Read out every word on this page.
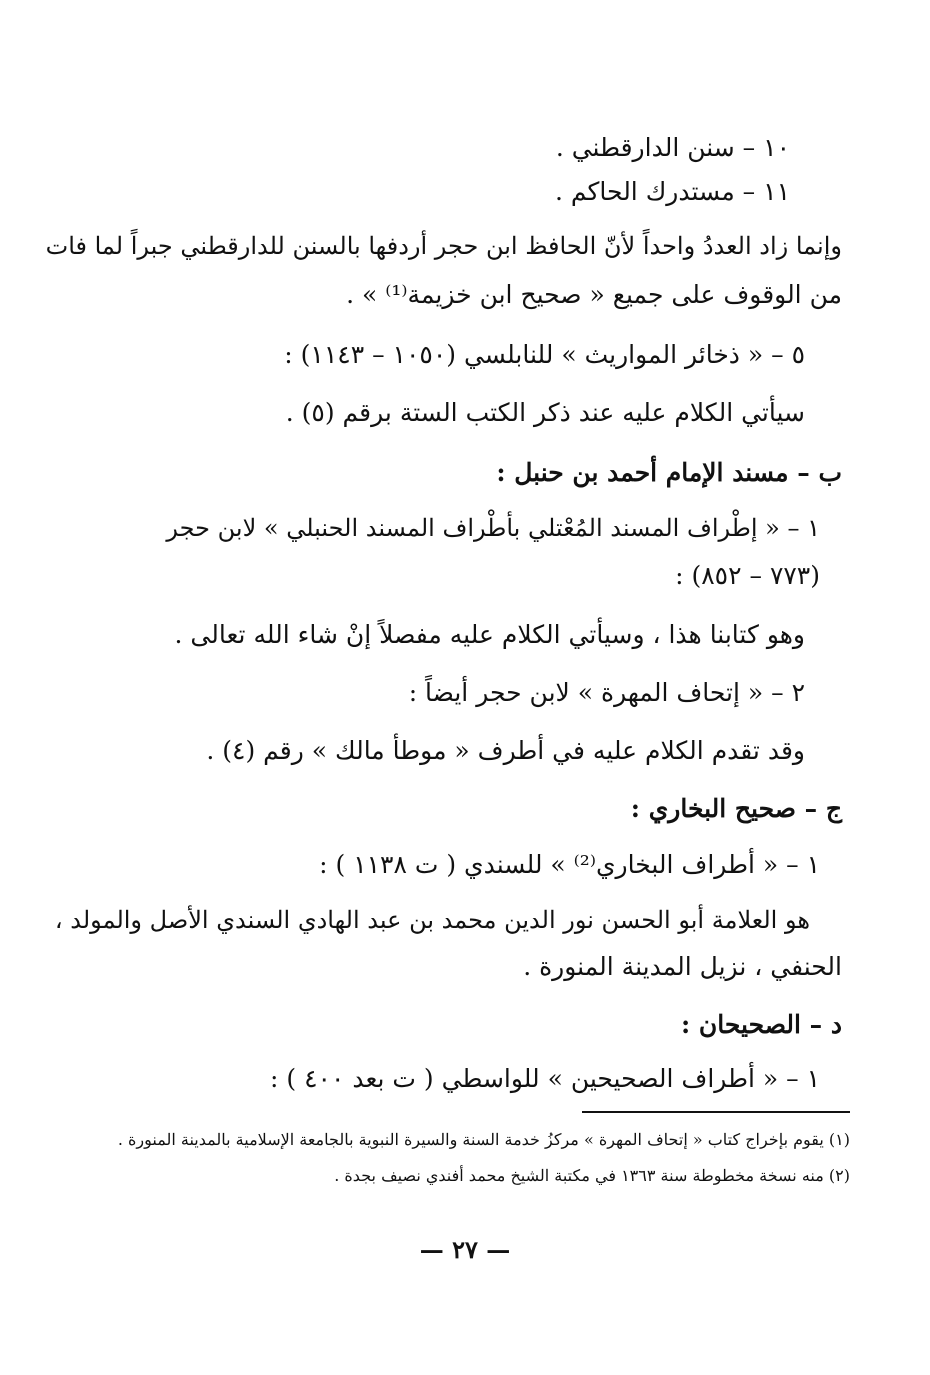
١٠ – سنن الدارقطني .
١١ – مستدرك الحاكم .
وإنما زاد العددُ واحداً لأنّ الحافظ ابن حجر أردفها بالسنن للدارقطني جبراً لما فات
من الوقوف على جميع « صحيح ابن خزيمة⁽¹⁾ » .
٥ – « ذخائر المواريث » للنابلسي (١٠٥٠ – ١١٤٣) :
سيأتي الكلام عليه عند ذكر الكتب الستة برقم (٥) .
ب – مسند الإمام أحمد بن حنبل :
١ – « إطْراف المسند المُعْتلي بأطْراف المسند الحنبلي » لابن حجر
(٧٧٣ – ٨٥٢) :
وهو كتابنا هذا ، وسيأتي الكلام عليه مفصلاً إنْ شاء الله تعالى .
٢ – « إتحاف المهرة » لابن حجر أيضاً :
وقد تقدم الكلام عليه في أطرف « موطأ مالك » رقم (٤) .
ج – صحيح البخاري :
١ – « أطراف البخاري⁽²⁾ » للسندي ( ت ١١٣٨ ) :
هو العلامة أبو الحسن نور الدين محمد بن عبد الهادي السندي الأصل والمولد ،
الحنفي ، نزيل المدينة المنورة .
د – الصحيحان :
١ – « أطراف الصحيحين » للواسطي ( ت بعد ٤٠٠ ) :
(١) يقوم بإخراج كتاب « إتحاف المهرة » مركزُ خدمة السنة والسيرة النبوية بالجامعة الإسلامية بالمدينة المنورة .
(٢) منه نسخة مخطوطة سنة ١٣٦٣ في مكتبة الشيخ محمد أفندي نصيف بجدة .
— ٢٧ —
